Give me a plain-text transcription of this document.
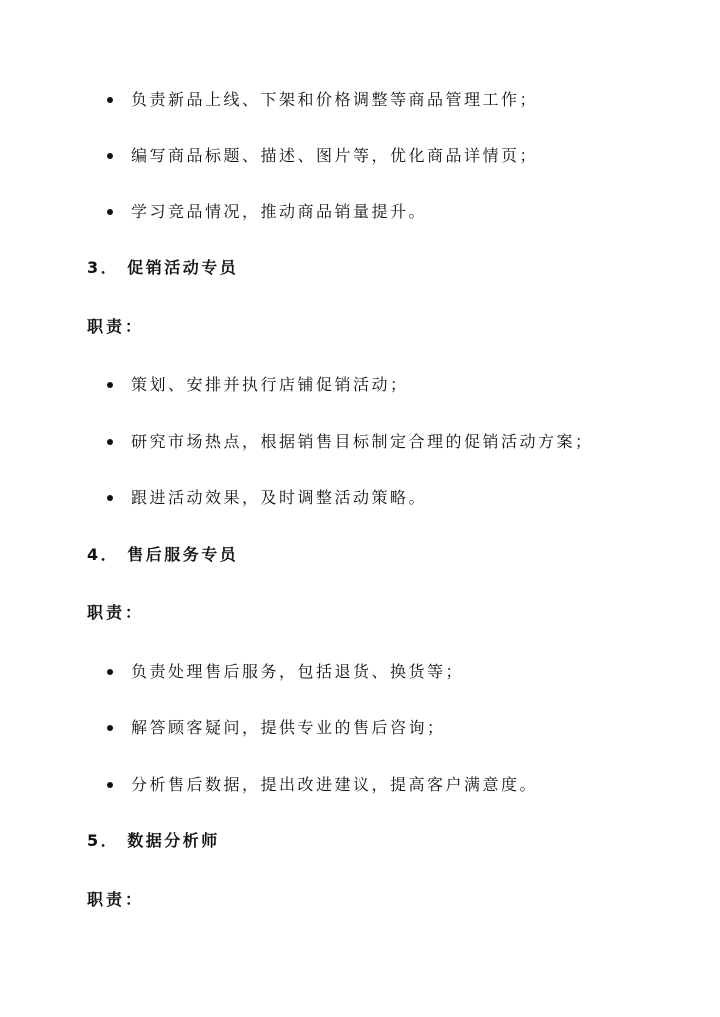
负责新品上线、下架和价格调整等商品管理工作；
编写商品标题、描述、图片等，优化商品详情页；
学习竞品情况，推动商品销量提升。
3． 促销活动专员
职责：
策划、安排并执行店铺促销活动；
研究市场热点，根据销售目标制定合理的促销活动方案；
跟进活动效果，及时调整活动策略。
4． 售后服务专员
职责：
负责处理售后服务，包括退货、换货等；
解答顾客疑问，提供专业的售后咨询；
分析售后数据，提出改进建议，提高客户满意度。
5． 数据分析师
职责：
